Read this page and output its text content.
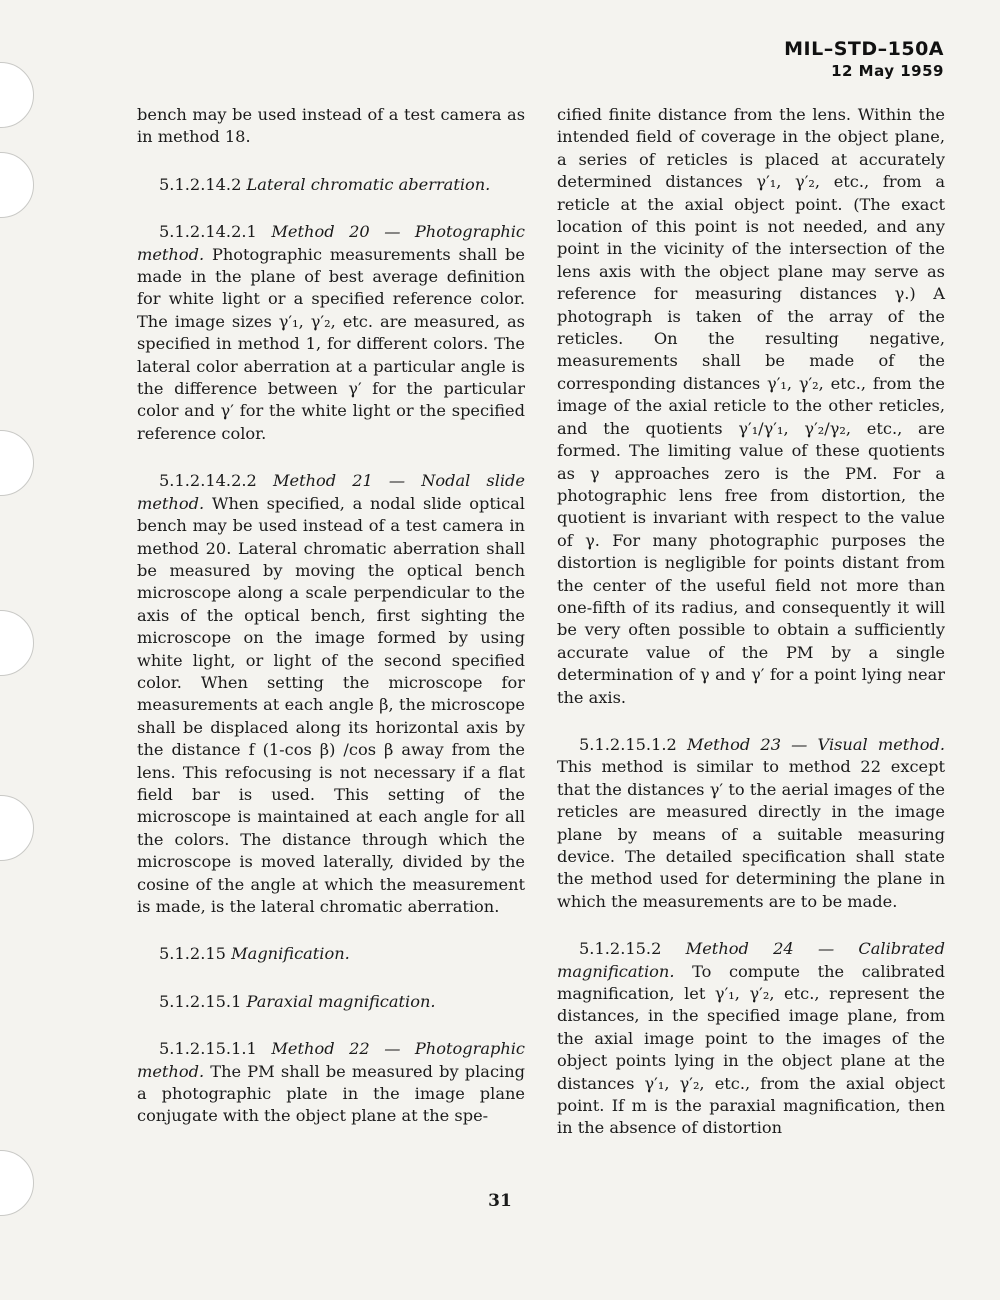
MIL–STD–150A
12 May 1959

bench may be used instead of a test camera as in method 18.

5.1.2.14.2 Lateral chromatic aberration.

5.1.2.14.2.1 Method 20 — Photographic method. Photographic measurements shall be made in the plane of best average definition for white light or a specified reference color. The image sizes γ′₁, γ′₂, etc. are measured, as specified in method 1, for different colors. The lateral color aberration at a particular angle is the difference between γ′ for the particular color and γ′ for the white light or the specified reference color.

5.1.2.14.2.2 Method 21 — Nodal slide method. When specified, a nodal slide optical bench may be used instead of a test camera in method 20. Lateral chromatic aberration shall be measured by moving the optical bench microscope along a scale perpendicular to the axis of the optical bench, first sighting the microscope on the image formed by using white light, or light of the second specified color. When setting the microscope for measurements at each angle β, the microscope shall be displaced along its horizontal axis by the distance f (1-cos β) /cos β away from the lens. This refocusing is not necessary if a flat field bar is used. This setting of the microscope is maintained at each angle for all the colors. The distance through which the microscope is moved laterally, divided by the cosine of the angle at which the measurement is made, is the lateral chromatic aberration.

5.1.2.15 Magnification.

5.1.2.15.1 Paraxial magnification.

5.1.2.15.1.1 Method 22 — Photographic method. The PM shall be measured by placing a photographic plate in the image plane conjugate with the object plane at the spe-

cified finite distance from the lens. Within the intended field of coverage in the object plane, a series of reticles is placed at accurately determined distances γ′₁, γ′₂, etc., from a reticle at the axial object point. (The exact location of this point is not needed, and any point in the vicinity of the intersection of the lens axis with the object plane may serve as reference for measuring distances γ.) A photograph is taken of the array of the reticles. On the resulting negative, measurements shall be made of the corresponding distances γ′₁, γ′₂, etc., from the image of the axial reticle to the other reticles, and the quotients γ′₁/γ′₁, γ′₂/γ₂, etc., are formed. The limiting value of these quotients as γ approaches zero is the PM. For a photographic lens free from distortion, the quotient is invariant with respect to the value of γ. For many photographic purposes the distortion is negligible for points distant from the center of the useful field not more than one-fifth of its radius, and consequently it will be very often possible to obtain a sufficiently accurate value of the PM by a single determination of γ and γ′ for a point lying near the axis.

5.1.2.15.1.2 Method 23 — Visual method. This method is similar to method 22 except that the distances γ′ to the aerial images of the reticles are measured directly in the image plane by means of a suitable measuring device. The detailed specification shall state the method used for determining the plane in which the measurements are to be made.

5.1.2.15.2 Method 24 — Calibrated magnification. To compute the calibrated magnification, let γ′₁, γ′₂, etc., represent the distances, in the specified image plane, from the axial image point to the images of the object points lying in the object plane at the distances γ′₁, γ′₂, etc., from the axial object point. If m is the paraxial magnification, then in the absence of distortion

31
